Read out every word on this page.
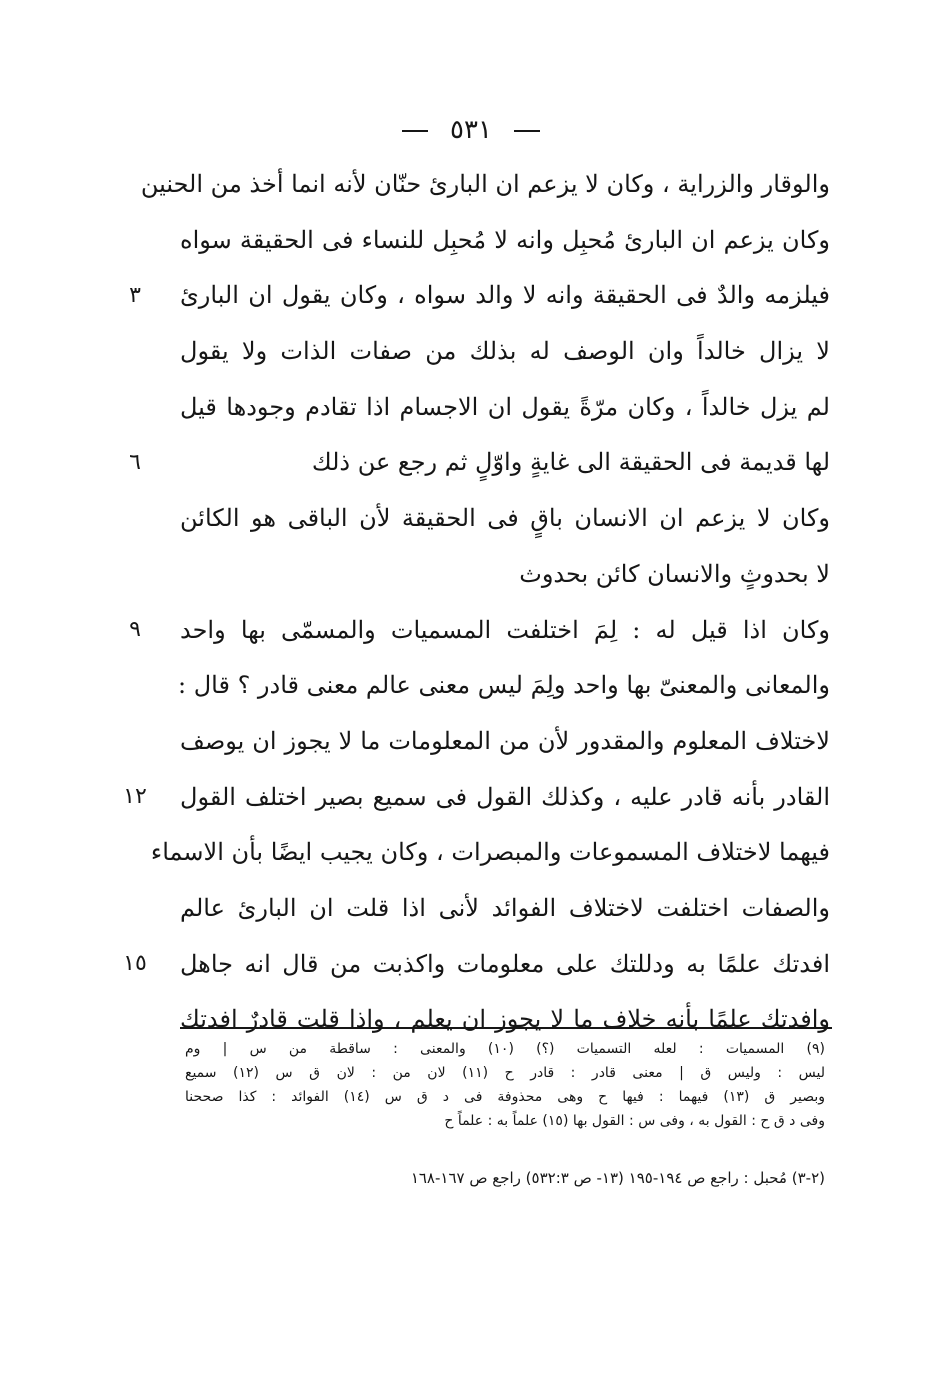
٥٣١
والوقار والزراية ، وكان لا يزعم ان البارئ حنّان لأنه انما أخذ من الحنين
وكان يزعم ان البارئ مُحبِل وانه لا مُحبِل للنساء فى الحقيقة سواه
فيلزمه والدٌ فى الحقيقة وانه لا والد سواه ، وكان يقول ان البارئ
لا يزال خالداً وان الوصف له بذلك من صفات الذات ولا يقول
لم يزل خالداً ، وكان مرّةً يقول ان الاجسام اذا تقادم وجودها قيل
لها قديمة فى الحقيقة الى غايةٍ واوّلٍ ثم رجع عن ذلك
وكان لا يزعم ان الانسان باقٍ فى الحقيقة لأن الباقى هو الكائن
لا بحدوثٍ والانسان كائن بحدوث
وكان اذا قيل له : لِمَ اختلفت المسميات والمسمّى بها واحد
والمعانى والمعنىّ بها واحد ولِمَ ليس معنى عالم معنى قادر ؟ قال :
لاختلاف المعلوم والمقدور لأن من المعلومات ما لا يجوز ان يوصف
القادر بأنه قادر عليه ، وكذلك القول فى سميع بصير اختلف القول
فيهما لاختلاف المسموعات والمبصرات ، وكان يجيب ايضًا بأن الاسماء
والصفات اختلفت لاختلاف الفوائد لأنى اذا قلت ان البارئ عالم
افدتك علمًا به ودللتك على معلومات واكذبت من قال انه جاهل
وافدتك علمًا بأنه خلاف ما لا يجوز ان يعلم ، واذا قلت قادرٌ افدتك
٣
٦
٩
١٢
١٥
(٩) المسميات : لعله التسميات (؟) (١٠) والمعنى : ساقطة من س | وم
ليس : وليس ق | معنى قادر : قادر ح (١١) لان من : لان ق س (١٢) سميع
وبصير ق (١٣) فيهما : فيها ح وهى محذوفة فى د ق س (١٤) الفوائد : كذا صححنا
وفى د ق ح : القول به ، وفى س : القول بها (١٥) علماً به : علماً ح
(٢-٣) مُحبل : راجع ص ١٩٤-١٩٥ (١٣- ص ٥٣٢:٣) راجع ص ١٦٧-١٦٨
